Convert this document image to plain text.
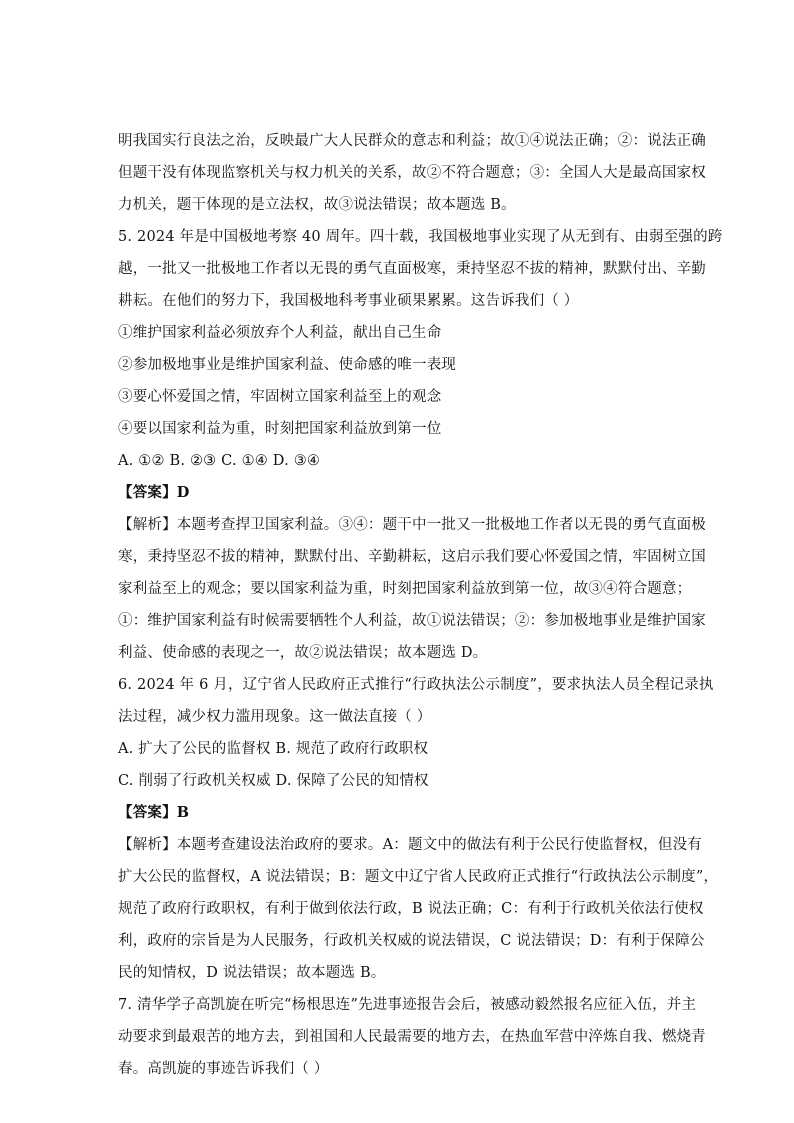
明我国实行良法之治，反映最广大人民群众的意志和利益；故①④说法正确；②：说法正确
但题干没有体现监察机关与权力机关的关系，故②不符合题意；③：全国人大是最高国家权
力机关，题干体现的是立法权，故③说法错误；故本题选 B。
5. 2024 年是中国极地考察 40 周年。四十载，我国极地事业实现了从无到有、由弱至强的跨
越，一批又一批极地工作者以无畏的勇气直面极寒，秉持坚忍不拔的精神，默默付出、辛勤
耕耘。在他们的努力下，我国极地科考事业硕果累累。这告诉我们（ ）
①维护国家利益必须放弃个人利益，献出自己生命
②参加极地事业是维护国家利益、使命感的唯一表现
③要心怀爱国之情，牢固树立国家利益至上的观念
④要以国家利益为重，时刻把国家利益放到第一位
A. ①② B. ②③ C. ①④ D. ③④
【答案】D
【解析】本题考查捍卫国家利益。③④：题干中一批又一批极地工作者以无畏的勇气直面极
寒，秉持坚忍不拔的精神，默默付出、辛勤耕耘，这启示我们要心怀爱国之情，牢固树立国
家利益至上的观念；要以国家利益为重，时刻把国家利益放到第一位，故③④符合题意；
①：维护国家利益有时候需要牺牲个人利益，故①说法错误；②：参加极地事业是维护国家
利益、使命感的表现之一，故②说法错误；故本题选 D。
6. 2024 年 6 月，辽宁省人民政府正式推行“行政执法公示制度”，要求执法人员全程记录执
法过程，减少权力滥用现象。这一做法直接（ ）
A. 扩大了公民的监督权 B. 规范了政府行政职权
C. 削弱了行政机关权威 D. 保障了公民的知情权
【答案】B
【解析】本题考查建设法治政府的要求。A：题文中的做法有利于公民行使监督权，但没有
扩大公民的监督权，A 说法错误；B：题文中辽宁省人民政府正式推行“行政执法公示制度”，
规范了政府行政职权，有利于做到依法行政，B 说法正确；C：有利于行政机关依法行使权
利，政府的宗旨是为人民服务，行政机关权威的说法错误，C 说法错误；D：有利于保障公
民的知情权，D 说法错误；故本题选 B。
7. 清华学子高凯旋在听完“杨根思连”先进事迹报告会后，被感动毅然报名应征入伍，并主
动要求到最艰苦的地方去，到祖国和人民最需要的地方去，在热血军营中淬炼自我、燃烧青
春。高凯旋的事迹告诉我们（ ）
